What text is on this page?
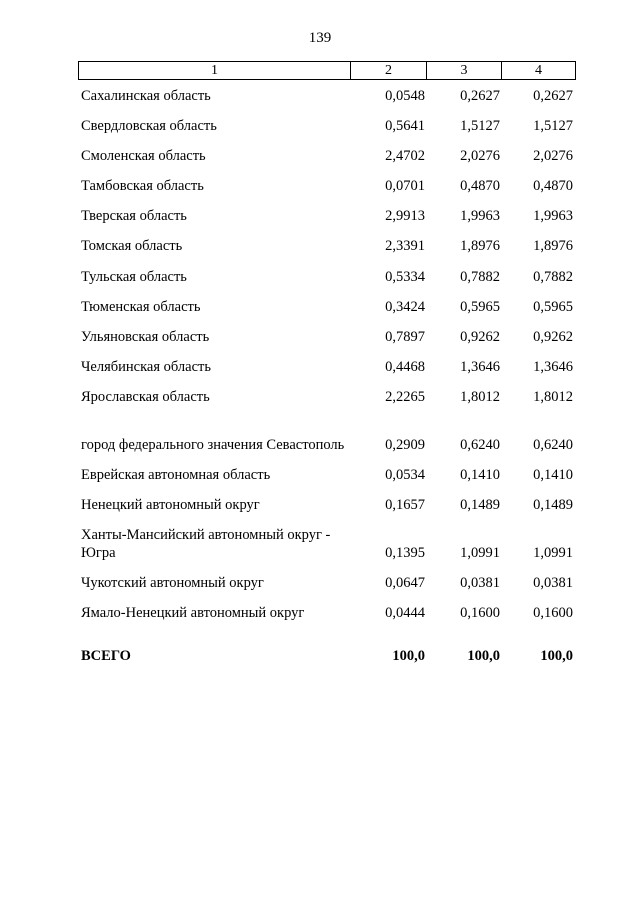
139
1	2	3	4
Сахалинская область	0,0548	0,2627	0,2627
Свердловская область	0,5641	1,5127	1,5127
Смоленская область	2,4702	2,0276	2,0276
Тамбовская область	0,0701	0,4870	0,4870
Тверская область	2,9913	1,9963	1,9963
Томская область	2,3391	1,8976	1,8976
Тульская область	0,5334	0,7882	0,7882
Тюменская область	0,3424	0,5965	0,5965
Ульяновская область	0,7897	0,9262	0,9262
Челябинская область	0,4468	1,3646	1,3646
Ярославская область	2,2265	1,8012	1,8012
город федерального значения Севастополь	0,2909	0,6240	0,6240
Еврейская автономная область	0,0534	0,1410	0,1410
Ненецкий автономный округ	0,1657	0,1489	0,1489
Ханты-Мансийский автономный округ - Югра	0,1395	1,0991	1,0991
Чукотский автономный округ	0,0647	0,0381	0,0381
Ямало-Ненецкий автономный округ	0,0444	0,1600	0,1600
ВСЕГО	100,0	100,0	100,0
